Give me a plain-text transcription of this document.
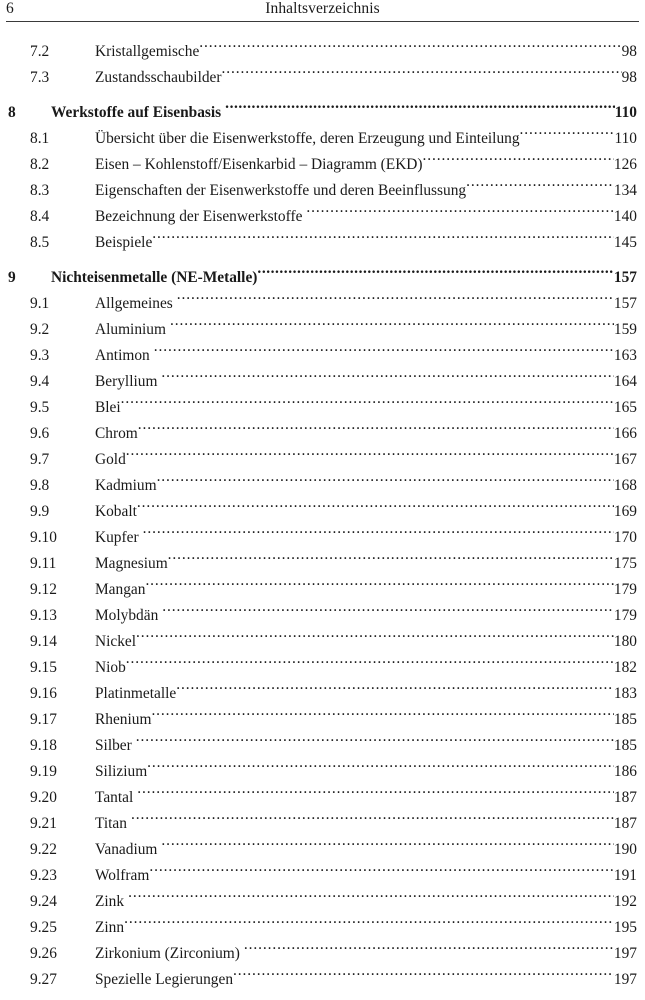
6	Inhaltsverzeichnis
7.2	Kristallgemische .....	98
7.3	Zustandsschaubilder .....	98
8	Werkstoffe auf Eisenbasis .....	110
8.1	Übersicht über die Eisenwerkstoffe, deren Erzeugung und Einteilung .....	110
8.2	Eisen – Kohlenstoff/Eisenkarbid – Diagramm (EKD) .....	126
8.3	Eigenschaften der Eisenwerkstoffe und deren Beeinflussung .....	134
8.4	Bezeichnung der Eisenwerkstoffe .....	140
8.5	Beispiele .....	145
9	Nichteisenmetalle (NE-Metalle) .....	157
9.1	Allgemeines .....	157
9.2	Aluminium .....	159
9.3	Antimon .....	163
9.4	Beryllium .....	164
9.5	Blei .....	165
9.6	Chrom .....	166
9.7	Gold .....	167
9.8	Kadmium .....	168
9.9	Kobalt .....	169
9.10	Kupfer .....	170
9.11	Magnesium .....	175
9.12	Mangan .....	179
9.13	Molybdän .....	179
9.14	Nickel .....	180
9.15	Niob .....	182
9.16	Platinmetalle .....	183
9.17	Rhenium .....	185
9.18	Silber .....	185
9.19	Silizium .....	186
9.20	Tantal .....	187
9.21	Titan .....	187
9.22	Vanadium .....	190
9.23	Wolfram .....	191
9.24	Zink .....	192
9.25	Zinn .....	195
9.26	Zirkonium (Zirconium) .....	197
9.27	Spezielle Legierungen .....	197
